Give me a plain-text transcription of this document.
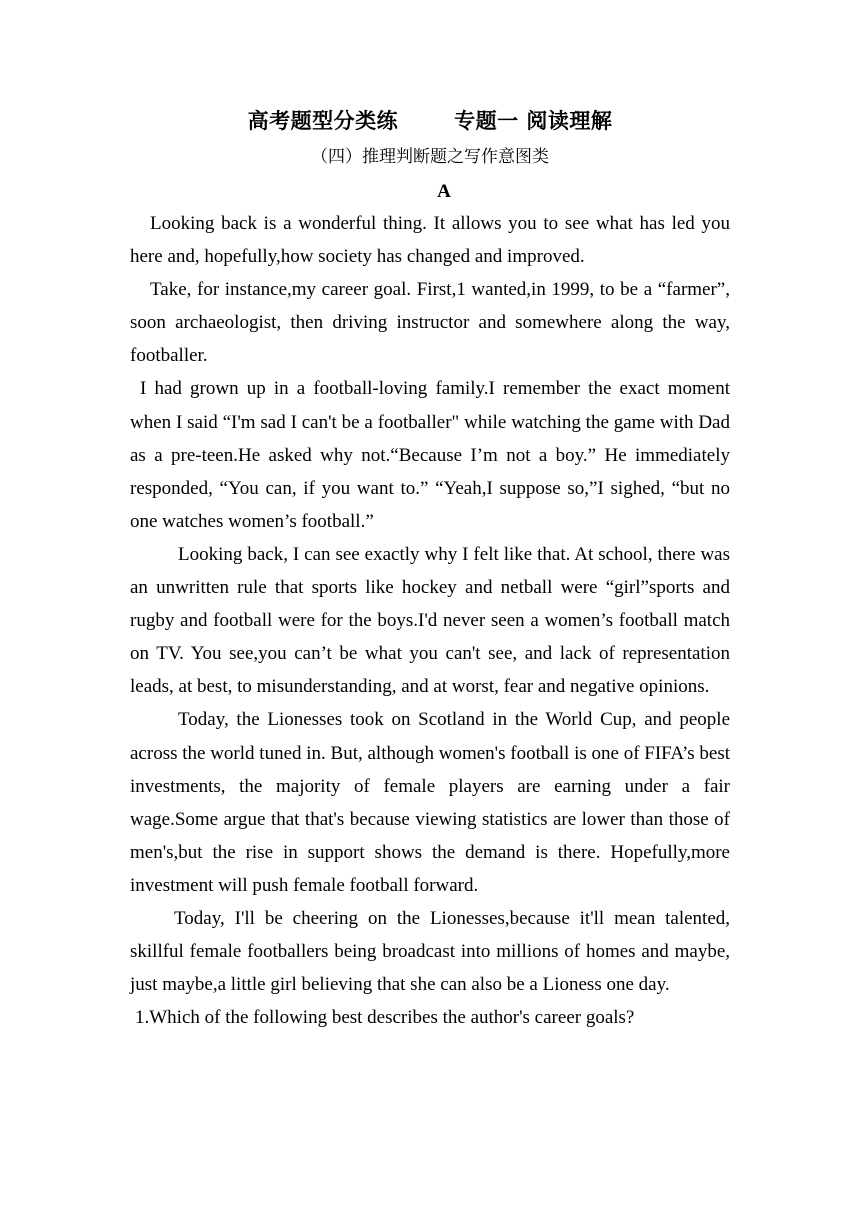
高考题型分类练	专题一 阅读理解
（四）推理判断题之写作意图类
A

Looking back is a wonderful thing. It allows you to see what has led you here and, hopefully,how society has changed and improved.

Take, for instance,my career goal. First,1 wanted,in 1999, to be a “farmer”, soon archaeologist, then driving instructor and somewhere along the way, footballer.

I had grown up in a football-loving family.I remember the exact moment when I said “I'm sad I can't be a footballer" while watching the game with Dad as a pre-teen.He asked why not.“Because I’m not a boy.” He immediately responded, “You can, if you want to.” “Yeah,I suppose so,”I sighed, “but no one watches women’s football.”

Looking back, I can see exactly why I felt like that. At school, there was an unwritten rule that sports like hockey and netball were “girl”sports and rugby and football were for the boys.I'd never seen a women’s football match on TV. You see,you can’t be what you can't see, and lack of representation leads, at best, to misunderstanding, and at worst, fear and negative opinions.

Today, the Lionesses took on Scotland in the World Cup, and people across the world tuned in. But, although women's football is one of FIFA’s best investments, the majority of female players are earning under a fair wage.Some argue that that's because viewing statistics are lower than those of men's,but the rise in support shows the demand is there. Hopefully,more investment will push female football forward.

Today, I'll be cheering on the Lionesses,because it'll mean talented, skillful female footballers being broadcast into millions of homes and maybe, just maybe,a little girl believing that she can also be a Lioness one day.

1.Which of the following best describes the author's career goals?
